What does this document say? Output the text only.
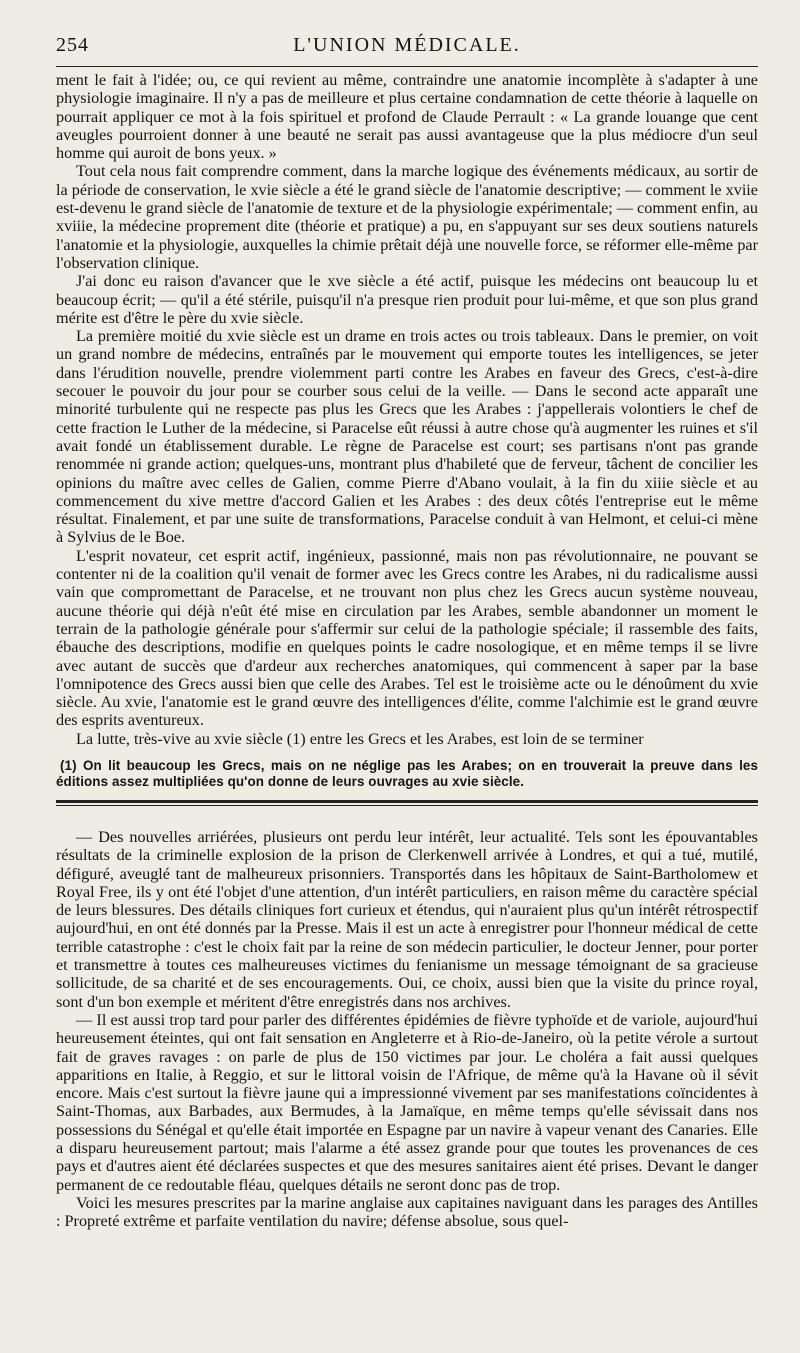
254	L'UNION MÉDICALE.

ment le fait à l'idée; ou, ce qui revient au même, contraindre une anatomie incomplète à s'adapter à une physiologie imaginaire. Il n'y a pas de meilleure et plus certaine condamnation de cette théorie à laquelle on pourrait appliquer ce mot à la fois spirituel et profond de Claude Perrault : « La grande louange que cent aveugles pourroient donner à une beauté ne serait pas aussi avantageuse que la plus médiocre d'un seul homme qui auroit de bons yeux. »

Tout cela nous fait comprendre comment, dans la marche logique des événements médicaux, au sortir de la période de conservation, le xvie siècle a été le grand siècle de l'anatomie descriptive; — comment le xviie est-devenu le grand siècle de l'anatomie de texture et de la physiologie expérimentale; — comment enfin, au xviiie, la médecine proprement dite (théorie et pratique) a pu, en s'appuyant sur ses deux soutiens naturels l'anatomie et la physiologie, auxquelles la chimie prêtait déjà une nouvelle force, se réformer elle-même par l'observation clinique.

J'ai donc eu raison d'avancer que le xve siècle a été actif, puisque les médecins ont beaucoup lu et beaucoup écrit; — qu'il a été stérile, puisqu'il n'a presque rien produit pour lui-même, et que son plus grand mérite est d'être le père du xvie siècle.

La première moitié du xvie siècle est un drame en trois actes ou trois tableaux. Dans le premier, on voit un grand nombre de médecins, entraînés par le mouvement qui emporte toutes les intelligences, se jeter dans l'érudition nouvelle, prendre violemment parti contre les Arabes en faveur des Grecs, c'est-à-dire secouer le pouvoir du jour pour se courber sous celui de la veille. — Dans le second acte apparaît une minorité turbulente qui ne respecte pas plus les Grecs que les Arabes : j'appellerais volontiers le chef de cette fraction le Luther de la médecine, si Paracelse eût réussi à autre chose qu'à augmenter les ruines et s'il avait fondé un établissement durable. Le règne de Paracelse est court; ses partisans n'ont pas grande renommée ni grande action; quelques-uns, montrant plus d'habileté que de ferveur, tâchent de concilier les opinions du maître avec celles de Galien, comme Pierre d'Abano voulait, à la fin du xiiie siècle et au commencement du xive mettre d'accord Galien et les Arabes : des deux côtés l'entreprise eut le même résultat. Finalement, et par une suite de transformations, Paracelse conduit à van Helmont, et celui-ci mène à Sylvius de le Boe.

L'esprit novateur, cet esprit actif, ingénieux, passionné, mais non pas révolutionnaire, ne pouvant se contenter ni de la coalition qu'il venait de former avec les Grecs contre les Arabes, ni du radicalisme aussi vain que compromettant de Paracelse, et ne trouvant non plus chez les Grecs aucun système nouveau, aucune théorie qui déjà n'eût été mise en circulation par les Arabes, semble abandonner un moment le terrain de la pathologie générale pour s'affermir sur celui de la pathologie spéciale; il rassemble des faits, ébauche des descriptions, modifie en quelques points le cadre nosologique, et en même temps il se livre avec autant de succès que d'ardeur aux recherches anatomiques, qui commencent à saper par la base l'omnipotence des Grecs aussi bien que celle des Arabes. Tel est le troisième acte ou le dénoûment du xvie siècle. Au xvie, l'anatomie est le grand œuvre des intelligences d'élite, comme l'alchimie est le grand œuvre des esprits aventureux.

La lutte, très-vive au xvie siècle (1) entre les Grecs et les Arabes, est loin de se terminer

(1) On lit beaucoup les Grecs, mais on ne néglige pas les Arabes; on en trouverait la preuve dans les éditions assez multipliées qu'on donne de leurs ouvrages au xvie siècle.

— Des nouvelles arriérées, plusieurs ont perdu leur intérêt, leur actualité. Tels sont les épouvantables résultats de la criminelle explosion de la prison de Clerkenwell arrivée à Londres, et qui a tué, mutilé, défiguré, aveuglé tant de malheureux prisonniers. Transportés dans les hôpitaux de Saint-Bartholomew et Royal Free, ils y ont été l'objet d'une attention, d'un intérêt particuliers, en raison même du caractère spécial de leurs blessures. Des détails cliniques fort curieux et étendus, qui n'auraient plus qu'un intérêt rétrospectif aujourd'hui, en ont été donnés par la Presse. Mais il est un acte à enregistrer pour l'honneur médical de cette terrible catastrophe : c'est le choix fait par la reine de son médecin particulier, le docteur Jenner, pour porter et transmettre à toutes ces malheureuses victimes du fenianisme un message témoignant de sa gracieuse sollicitude, de sa charité et de ses encouragements. Oui, ce choix, aussi bien que la visite du prince royal, sont d'un bon exemple et méritent d'être enregistrés dans nos archives.

— Il est aussi trop tard pour parler des différentes épidémies de fièvre typhoïde et de variole, aujourd'hui heureusement éteintes, qui ont fait sensation en Angleterre et à Rio-de-Janeiro, où la petite vérole a surtout fait de graves ravages : on parle de plus de 150 victimes par jour. Le choléra a fait aussi quelques apparitions en Italie, à Reggio, et sur le littoral voisin de l'Afrique, de même qu'à la Havane où il sévit encore. Mais c'est surtout la fièvre jaune qui a impressionné vivement par ses manifestations coïncidentes à Saint-Thomas, aux Barbades, aux Bermudes, à la Jamaïque, en même temps qu'elle sévissait dans nos possessions du Sénégal et qu'elle était importée en Espagne par un navire à vapeur venant des Canaries. Elle a disparu heureusement partout; mais l'alarme a été assez grande pour que toutes les provenances de ces pays et d'autres aient été déclarées suspectes et que des mesures sanitaires aient été prises. Devant le danger permanent de ce redoutable fléau, quelques détails ne seront donc pas de trop.

Voici les mesures prescrites par la marine anglaise aux capitaines naviguant dans les parages des Antilles : Propreté extrême et parfaite ventilation du navire; défense absolue, sous quel-
